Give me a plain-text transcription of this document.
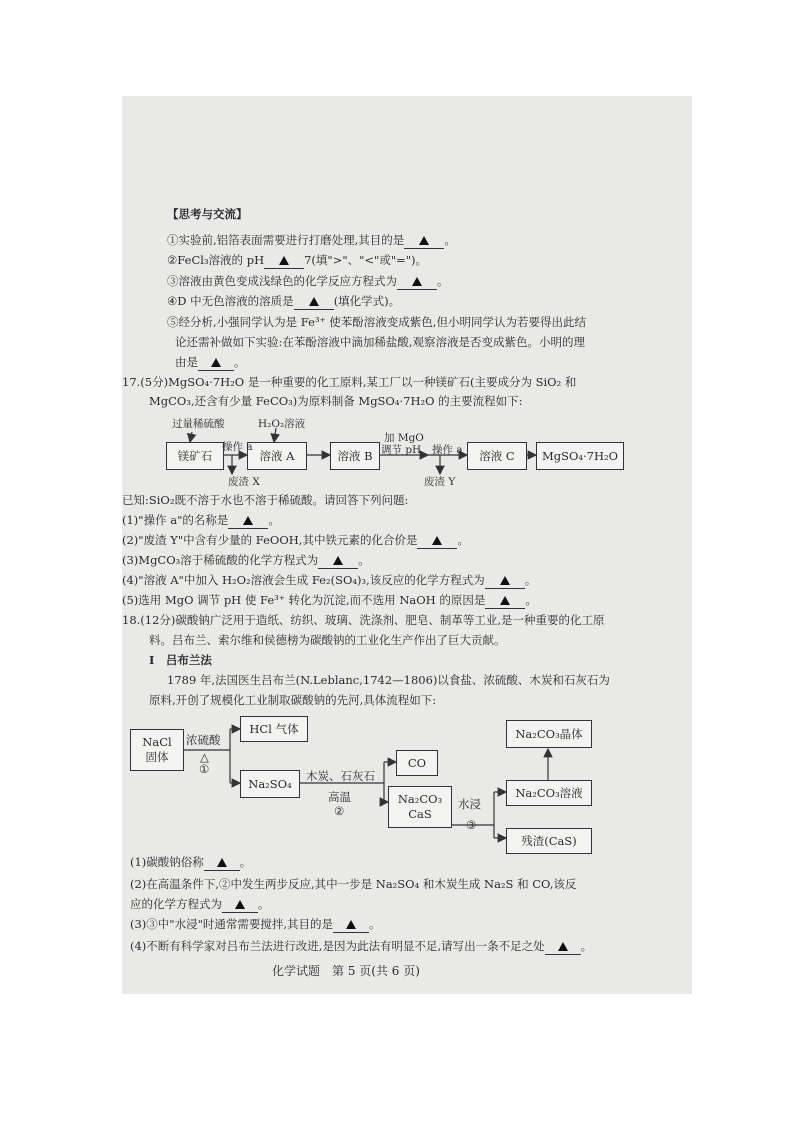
【思考与交流】
①实验前,铝箔表面需要进行打磨处理,其目的是	。
②FeCl₃溶液的 pH	7(填">"、"<"或"=")。
③溶液由黄色变成浅绿色的化学反应方程式为	。
④D 中无色溶液的溶质是	(填化学式)。
⑤经分析,小强同学认为是 Fe³⁺ 使苯酚溶液变成紫色,但小明同学认为若要得出此结
论还需补做如下实验:在苯酚溶液中滴加稀盐酸,观察溶液是否变成紫色。小明的理
由是	。
17.(5分)MgSO₄·7H₂O 是一种重要的化工原料,某工厂以一种镁矿石(主要成分为 SiO₂ 和
MgCO₃,还含有少量 FeCO₃)为原料制备 MgSO₄·7H₂O 的主要流程如下:
镁矿石	溶液 A	溶液 B	溶液 C	MgSO₄·7H₂O
过量稀硫酸	H₂O₂溶液
操作 a
废渣 X
加 MgO
调节 pH 操作 a
废渣 Y
已知:SiO₂既不溶于水也不溶于稀硫酸。请回答下列问题:
(1)"操作 a"的名称是	。
(2)"废渣 Y"中含有少量的 FeOOH,其中铁元素的化合价是	。
(3)MgCO₃溶于稀硫酸的化学方程式为	。
(4)"溶液 A"中加入 H₂O₂溶液会生成 Fe₂(SO₄)₃,该反应的化学方程式为	。
(5)选用 MgO 调节 pH 使 Fe³⁺ 转化为沉淀,而不选用 NaOH 的原因是	。
18.(12分)碳酸钠广泛用于造纸、纺织、玻璃、洗涤剂、肥皂、制革等工业,是一种重要的化工原
料。吕布兰、索尔维和侯德榜为碳酸钠的工业化生产作出了巨大贡献。
Ⅰ　吕布兰法
1789 年,法国医生吕布兰(N.Leblanc,1742—1806)以食盐、浓硫酸、木炭和石灰石为
原料,开创了规模化工业制取碳酸钠的先河,具体流程如下:
NaCl
固体
HCl 气体
Na₂SO₄
CO
Na₂CO₃
CaS
Na₂CO₃溶液
Na₂CO₃晶体
残渣(CaS)
浓硫酸
△
①	木炭、石灰石
高温
②	水浸
③
(1)碳酸钠俗称	。
(2)在高温条件下,②中发生两步反应,其中一步是 Na₂SO₄ 和木炭生成 Na₂S 和 CO,该反
应的化学方程式为	。
(3)③中"水浸"时通常需要搅拌,其目的是	。
(4)不断有科学家对吕布兰法进行改进,是因为此法有明显不足,请写出一条不足之处	。
化学试题　第 5 页(共 6 页)
